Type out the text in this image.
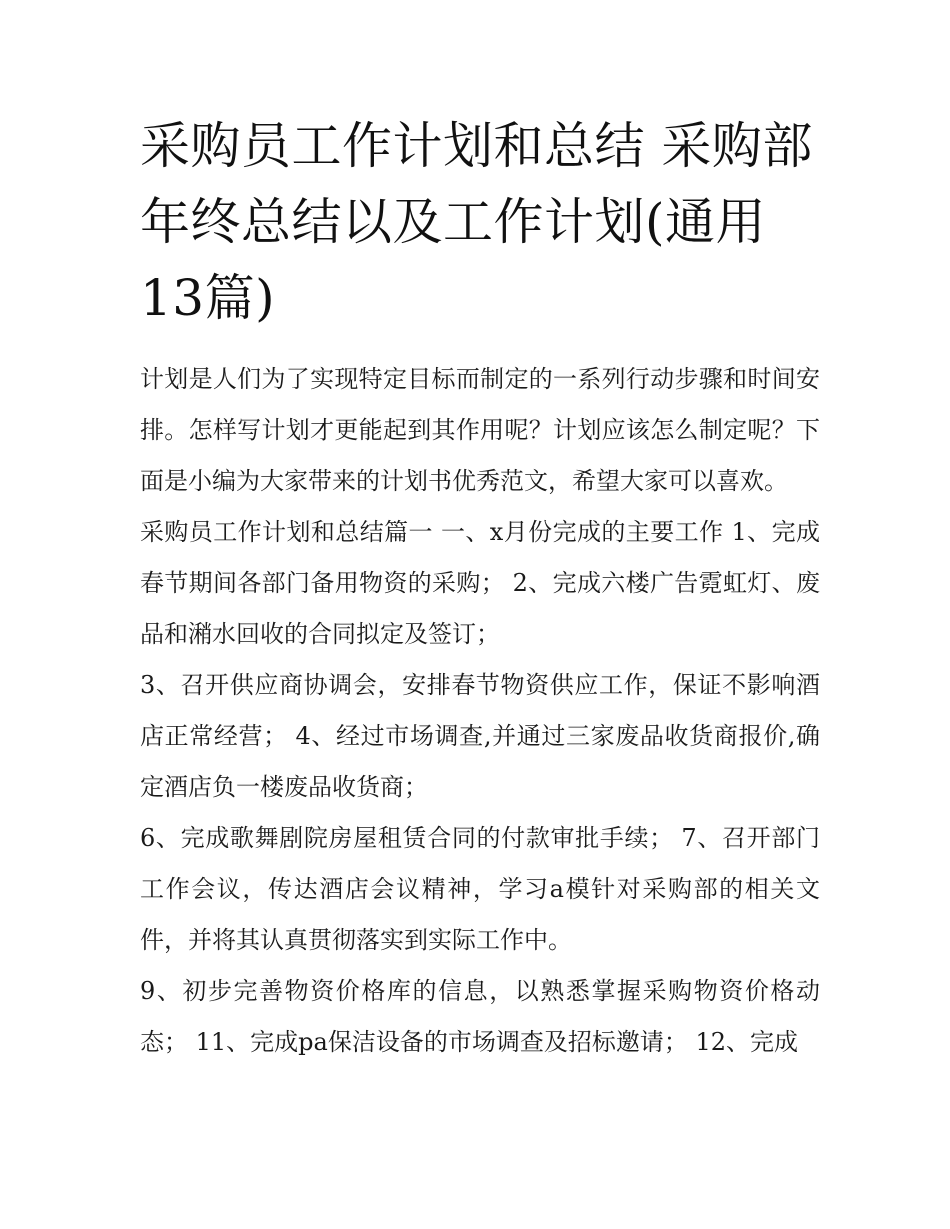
采购员工作计划和总结 采购部年终总结以及工作计划(通用13篇)

计划是人们为了实现特定目标而制定的一系列行动步骤和时间安排。怎样写计划才更能起到其作用呢？计划应该怎么制定呢？下面是小编为大家带来的计划书优秀范文，希望大家可以喜欢。

采购员工作计划和总结篇一 一、x月份完成的主要工作 1、完成春节期间各部门备用物资的采购； 2、完成六楼广告霓虹灯、废品和潲水回收的合同拟定及签订；

3、召开供应商协调会，安排春节物资供应工作，保证不影响酒店正常经营； 4、经过市场调查,并通过三家废品收货商报价,确定酒店负一楼废品收货商；

6、完成歌舞剧院房屋租赁合同的付款审批手续； 7、召开部门工作会议，传达酒店会议精神，学习a模针对采购部的相关文件，并将其认真贯彻落实到实际工作中。

9、初步完善物资价格库的信息，以熟悉掌握采购物资价格动态； 11、完成pa保洁设备的市场调查及招标邀请； 12、完成
